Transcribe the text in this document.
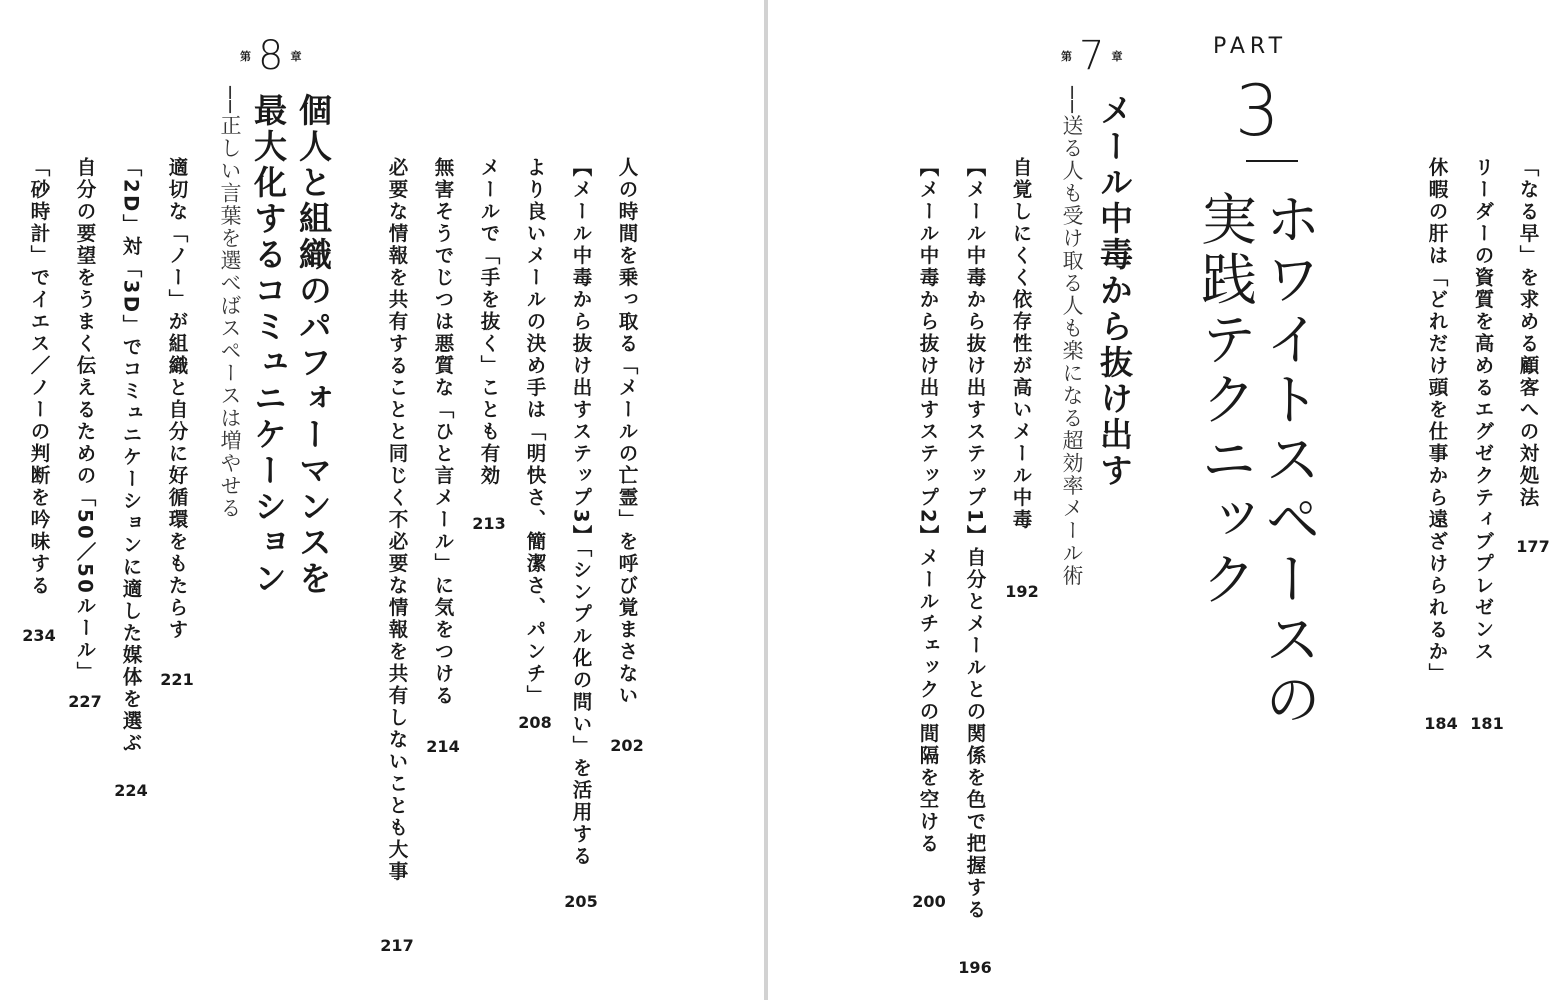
第 8 章
個人と組織のパフォーマンスを
最大化するコミュニケーション
──正しい言葉を選べばスペースは増やせる	人の時間を乗っ取る「メールの亡霊」を呼び覚まさない
202
【メール中毒から抜け出すステップ3】「シンプル化の問い」を活用する
205
より良いメールの決め手は「明快さ、簡潔さ、パンチ」
208
メールで「手を抜く」ことも有効
213
無害そうでじつは悪質な「ひと言メール」に気をつける
214
必要な情報を共有することと同じく不必要な情報を共有しないことも大事
217
適切な「ノー」が組織と自分に好循環をもたらす
221
「2D」対「3D」でコミュニケーションに適した媒体を選ぶ
224
自分の要望をうまく伝えるための「50／50ルール」
227
「砂時計」でイエス／ノーの判断を吟味する
234
「なる早」を求める顧客への対処法
177
リーダーの資質を高めるエグゼクティブプレゼンス
181
休暇の肝は「どれだけ頭を仕事から遠ざけられるか」
184
PART
3
ホワイトスペースの
実践テクニック
第 7 章
メール中毒から抜け出す
──送る人も受け取る人も楽になる超効率メール術
自覚しにくく依存性が高いメール中毒
192
【メール中毒から抜け出すステップ1】自分とメールとの関係を色で把握する
196
【メール中毒から抜け出すステップ2】メールチェックの間隔を空ける
200
